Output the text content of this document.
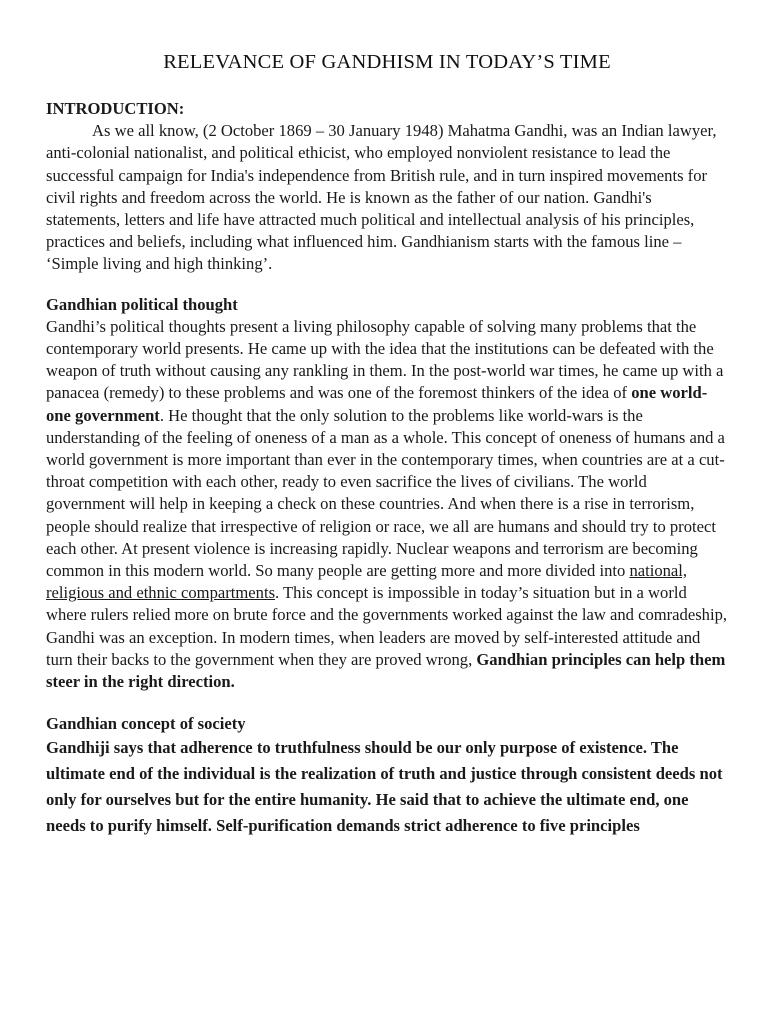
RELEVANCE OF GANDHISM IN TODAY’S TIME
INTRODUCTION:

As we all know, (2 October 1869 – 30 January 1948) Mahatma Gandhi, was an Indian lawyer, anti-colonial nationalist, and political ethicist, who employed nonviolent resistance to lead the successful campaign for India's independence from British rule, and in turn inspired movements for civil rights and freedom across the world. He is known as the father of our nation. Gandhi's statements, letters and life have attracted much political and intellectual analysis of his principles, practices and beliefs, including what influenced him. Gandhianism starts with the famous line – ‘Simple living and high thinking’.

Gandhian political thought

Gandhi’s political thoughts present a living philosophy capable of solving many problems that the contemporary world presents. He came up with the idea that the institutions can be defeated with the weapon of truth without causing any rankling in them. In the post-world war times, he came up with a panacea (remedy) to these problems and was one of the foremost thinkers of the idea of one world-one government. He thought that the only solution to the problems like world-wars is the understanding of the feeling of oneness of a man as a whole. This concept of oneness of humans and a world government is more important than ever in the contemporary times, when countries are at a cut-throat competition with each other, ready to even sacrifice the lives of civilians. The world government will help in keeping a check on these countries. And when there is a rise in terrorism, people should realize that irrespective of religion or race, we all are humans and should try to protect each other. At present violence is increasing rapidly. Nuclear weapons and terrorism are becoming common in this modern world. So many people are getting more and more divided into national, religious and ethnic compartments. This concept is impossible in today’s situation but in a world where rulers relied more on brute force and the governments worked against the law and comradeship, Gandhi was an exception. In modern times, when leaders are moved by self-interested attitude and turn their backs to the government when they are proved wrong, Gandhian principles can help them steer in the right direction.

Gandhian concept of society

Gandhiji says that adherence to truthfulness should be our only purpose of existence. The ultimate end of the individual is the realization of truth and justice through consistent deeds not only for ourselves but for the entire humanity. He said that to achieve the ultimate end, one needs to purify himself. Self-purification demands strict adherence to five principles
